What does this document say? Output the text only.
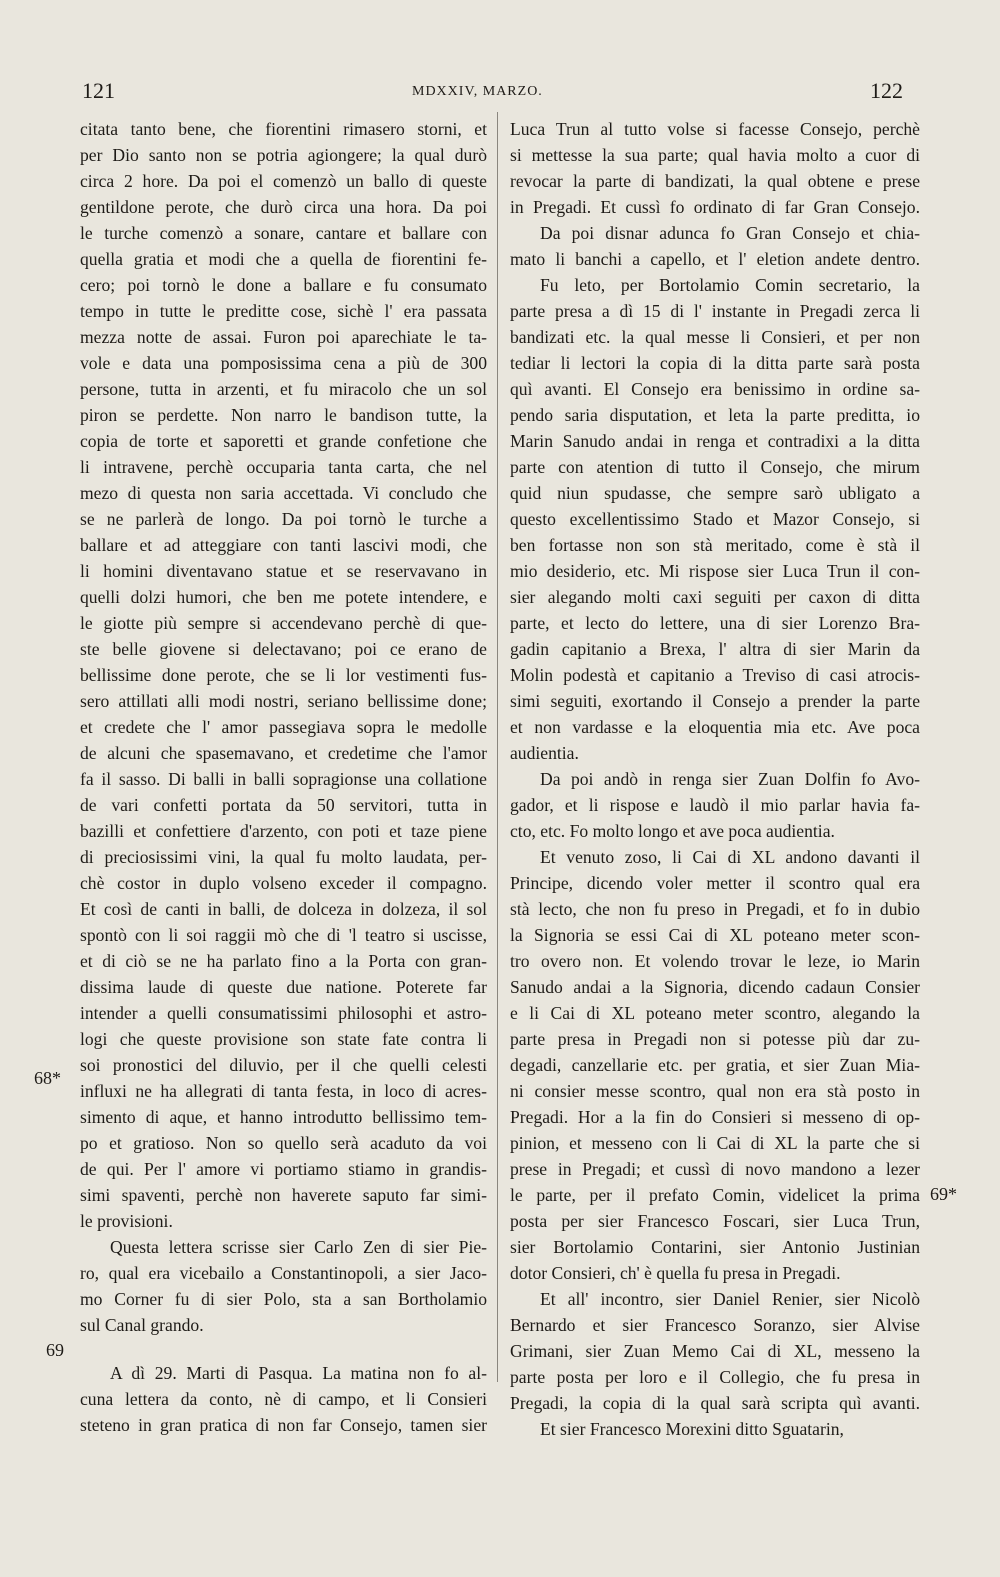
121	MDXXIV, MARZO.	122
68*
69
69*
citata tanto bene, che fiorentini rimasero storni, et
per Dio santo non se potria agiongere; la qual durò
circa 2 hore. Da poi el comenzò un ballo di queste
gentildone perote, che durò circa una hora. Da poi
le turche comenzò a sonare, cantare et ballare con
quella gratia et modi che a quella de fiorentini fe-
cero; poi tornò le done a ballare e fu consumato
tempo in tutte le preditte cose, sichè l' era passata
mezza notte de assai. Furon poi aparechiate le ta-
vole e data una pomposissima cena a più de 300
persone, tutta in arzenti, et fu miracolo che un sol
piron se perdette. Non narro le bandison tutte, la
copia de torte et saporetti et grande confetione che
li intravene, perchè occuparia tanta carta, che nel
mezo di questa non saria accettada. Vi concludo che
se ne parlerà de longo. Da poi tornò le turche a
ballare et ad atteggiare con tanti lascivi modi, che
li homini diventavano statue et se reservavano in
quelli dolzi humori, che ben me potete intendere, e
le giotte più sempre si accendevano perchè di que-
ste belle giovene si delectavano; poi ce erano de
bellissime done perote, che se li lor vestimenti fus-
sero attillati alli modi nostri, seriano bellissime done;
et credete che l' amor passegiava sopra le medolle
de alcuni che spasemavano, et credetime che l'amor
fa il sasso. Di balli in balli sopragionse una collatione
de vari confetti portata da 50 servitori, tutta in
bazilli et confettiere d'arzento, con poti et taze piene
di preciosissimi vini, la qual fu molto laudata, per-
chè costor in duplo volseno exceder il compagno.
Et così de canti in balli, de dolceza in dolzeza, il sol
spontò con li soi raggii mò che di 'l teatro si uscisse,
et di ciò se ne ha parlato fino a la Porta con gran-
dissima laude di queste due natione. Poterete far
intender a quelli consumatissimi philosophi et astro-
logi che queste provisione son state fate contra li
soi pronostici del diluvio, per il che quelli celesti
influxi ne ha allegrati di tanta festa, in loco di acres-
simento di aque, et hanno introdutto bellissimo tem-
po et gratioso. Non so quello serà acaduto da voi
de qui. Per l' amore vi portiamo stiamo in grandis-
simi spaventi, perchè non haverete saputo far simi-
le provisioni.
Questa lettera scrisse sier Carlo Zen di sier Pie-
ro, qual era vicebailo a Constantinopoli, a sier Jaco-
mo Corner fu di sier Polo, sta a san Bortholamio
sul Canal grando.
A dì 29. Marti di Pasqua. La matina non fo al-
cuna lettera da conto, nè di campo, et li Consieri
steteno in gran pratica di non far Consejo, tamen sier
Luca Trun al tutto volse si facesse Consejo, perchè
si mettesse la sua parte; qual havia molto a cuor di
revocar la parte di bandizati, la qual obtene e prese
in Pregadi. Et cussì fo ordinato di far Gran Consejo.
Da poi disnar adunca fo Gran Consejo et chia-
mato li banchi a capello, et l' eletion andete dentro.
Fu leto, per Bortolamio Comin secretario, la
parte presa a dì 15 di l' instante in Pregadi zerca li
bandizati etc. la qual messe li Consieri, et per non
tediar li lectori la copia di la ditta parte sarà posta
quì avanti. El Consejo era benissimo in ordine sa-
pendo saria disputation, et leta la parte preditta, io
Marin Sanudo andai in renga et contradixi a la ditta
parte con atention di tutto il Consejo, che mirum
quid niun spudasse, che sempre sarò ubligato a
questo excellentissimo Stado et Mazor Consejo, si
ben fortasse non son stà meritado, come è stà il
mio desiderio, etc. Mi rispose sier Luca Trun il con-
sier alegando molti caxi seguiti per caxon di ditta
parte, et lecto do lettere, una di sier Lorenzo Bra-
gadin capitanio a Brexa, l' altra di sier Marin da
Molin podestà et capitanio a Treviso di casi atrocis-
simi seguiti, exortando il Consejo a prender la parte
et non vardasse e la eloquentia mia etc. Ave poca
audientia.
Da poi andò in renga sier Zuan Dolfin fo Avo-
gador, et li rispose e laudò il mio parlar havia fa-
cto, etc. Fo molto longo et ave poca audientia.
Et venuto zoso, li Cai di XL andono davanti il
Principe, dicendo voler metter il scontro qual era
stà lecto, che non fu preso in Pregadi, et fo in dubio
la Signoria se essi Cai di XL poteano meter scon-
tro overo non. Et volendo trovar le leze, io Marin
Sanudo andai a la Signoria, dicendo cadaun Consier
e li Cai di XL poteano meter scontro, alegando la
parte presa in Pregadi non si potesse più dar zu-
degadi, canzellarie etc. per gratia, et sier Zuan Mia-
ni consier messe scontro, qual non era stà posto in
Pregadi. Hor a la fin do Consieri si messeno di op-
pinion, et messeno con li Cai di XL la parte che si
prese in Pregadi; et cussì di novo mandono a lezer
le parte, per il prefato Comin, videlicet la prima
posta per sier Francesco Foscari, sier Luca Trun,
sier Bortolamio Contarini, sier Antonio Justinian
dotor Consieri, ch' è quella fu presa in Pregadi.
Et all' incontro, sier Daniel Renier, sier Nicolò
Bernardo et sier Francesco Soranzo, sier Alvise
Grimani, sier Zuan Memo Cai di XL, messeno la
parte posta per loro e il Collegio, che fu presa in
Pregadi, la copia di la qual sarà scripta quì avanti.
Et sier Francesco Morexini ditto Sguatarin,
